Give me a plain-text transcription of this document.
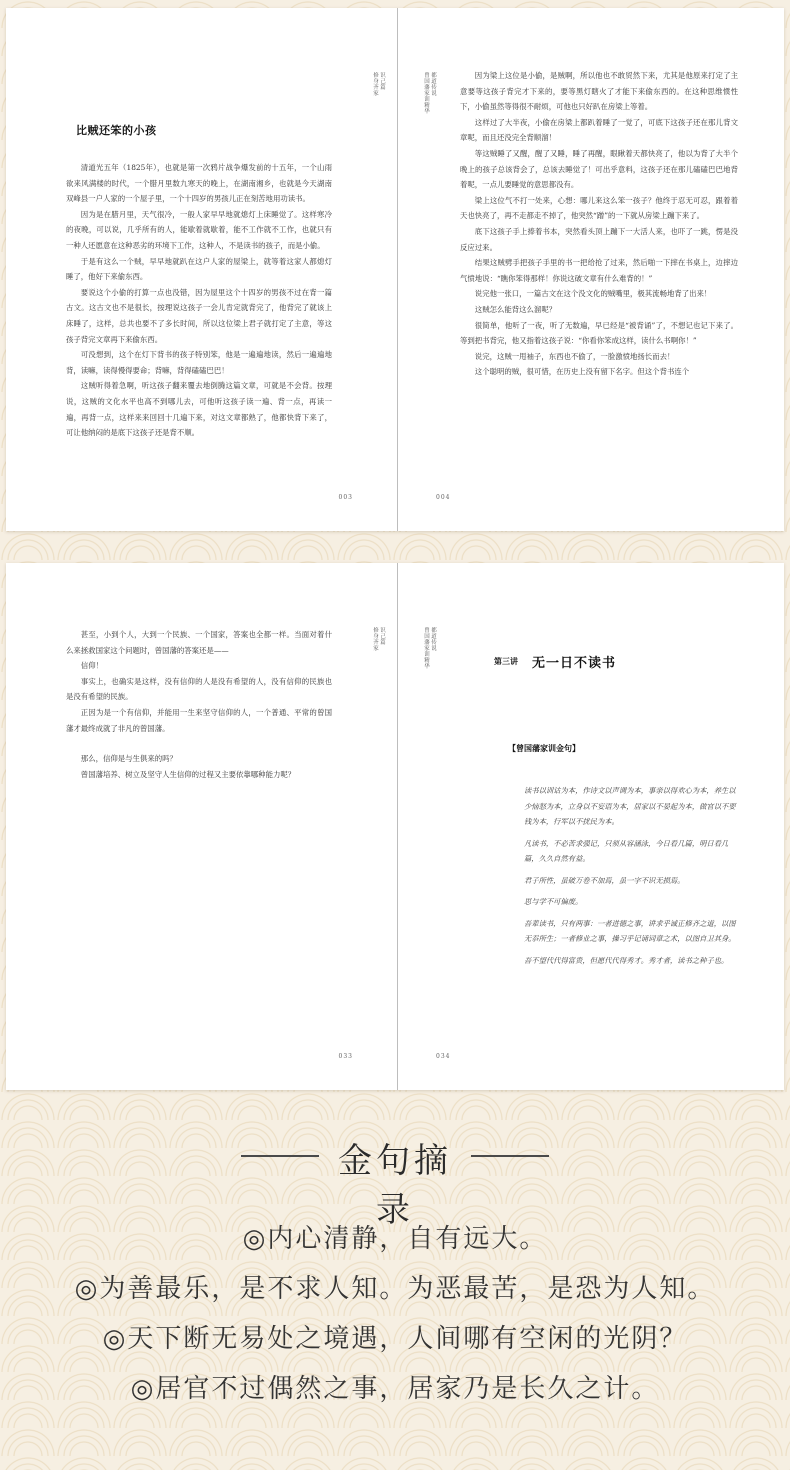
识己篇
修身齐家
比贼还笨的小孩

清道光五年（1825年），也就是第一次鸦片战争爆发前的十五年，一个山雨欲来风满楼的时代，一个腊月里数九寒天的晚上，在湖南湘乡，也就是今天湖南双峰县一户人家的一个屋子里，一个十四岁的男孩儿正在刻苦地用功读书。

因为是在腊月里，天气很冷，一般人家早早地就熄灯上床睡觉了。这样寒冷的夜晚，可以说，几乎所有的人，能歇着就歇着，能不工作就不工作，也就只有一种人还愿意在这种恶劣的环境下工作，这种人，不是读书的孩子，而是小偷。

于是有这么一个贼，早早地就趴在这户人家的屋梁上，就等着这家人都熄灯睡了，他好下来偷东西。

要说这个小偷的打算一点也没错，因为屋里这个十四岁的男孩不过在背一篇古文。这古文也不是很长，按理说这孩子一会儿肯定就背完了，他背完了就该上床睡了，这样，总共也要不了多长时间，所以这位梁上君子就打定了主意，等这孩子背完文章再下来偷东西。

可没想到，这个在灯下背书的孩子特别笨，他是一遍遍地读，然后一遍遍地背，读嘛，读得慢得要命；背嘛，背得磕磕巴巴！

这贼听得着急啊，听这孩子翻来覆去地倒腾这篇文章，可就是不会背。按理说，这贼的文化水平也高不到哪儿去，可他听这孩子读一遍、背一点，再读一遍，再背一点，这样来来回回十几遍下来，对这文章都熟了，他都快背下来了，可让他纳闷的是底下这孩子还是背不顺。

003
都道传说
曾国藩家训精华	因为梁上这位是小偷，是贼啊，所以他也不敢贸然下来，尤其是他原来打定了主意要等这孩子背完才下来的，要等黑灯瞎火了才能下来偷东西的。在这种思维惯性下，小偷虽然等得很不耐烦，可他也只好趴在房梁上等着。

这样过了大半夜，小偷在房梁上都趴着睡了一觉了，可底下这孩子还在那儿背文章呢，而且还没完全背顺溜！

等这贼睡了又醒，醒了又睡，睡了再醒，眼瞅着天都快亮了，他以为背了大半个晚上的孩子总该背会了，总该去睡觉了！可出乎意料，这孩子还在那儿磕磕巴巴地背着呢，一点儿要睡觉的意思都没有。

梁上这位气不打一处来，心想：哪儿来这么笨一孩子？他终于忍无可忍，跟着着天也快亮了，再不走都走不掉了，他突然“蹭”的一下就从房梁上蹦下来了。

底下这孩子手上捧着书本，突然看头顶上蹦下一大活人来，也吓了一跳，愣是没反应过来。

结果这贼劈手把孩子手里的书一把给抢了过来，然后啪一下摔在书桌上，边摔边气愤地说：“瞧你笨得那样！你说这破文章有什么难背的！”

说完他一张口，一篇古文在这个没文化的贼嘴里，极其流畅地背了出来！

这贼怎么能背这么溜呢？

很简单，他听了一夜，听了无数遍，早已经是“被背诵”了，不想记也记下来了。等到把书背完，他又指着这孩子说：“你看你笨成这样，读什么书啊你！”

说完，这贼一甩袖子，东西也不偷了，一脸激愤地扬长而去！

这个聪明的贼，很可惜，在历史上没有留下名字。但这个背书连个

004
识己篇
修身齐家

甚至，小到个人，大到一个民族、一个国家，答案也全都一样。当面对着什么来拯救国家这个问题时，曾国藩的答案还是——

信仰！

事实上，也确实是这样，没有信仰的人是没有希望的人，没有信仰的民族也是没有希望的民族。

正因为是一个有信仰，并能用一生来坚守信仰的人，一个普通、平常的曾国藩才最终成就了非凡的曾国藩。

那么，信仰是与生俱来的吗？

曾国藩培养、树立及坚守人生信仰的过程又主要依靠哪种能力呢？

033
都道传说
曾国藩家训精华	第三讲 无一日不读书
【曾国藩家训金句】

读书以训诂为本，作诗文以声调为本，事亲以得欢心为本，养生以少恼怒为本，立身以不妄语为本，居家以不晏起为本，做官以不要钱为本，行军以不扰民为本。

凡读书，不必苦求强记，只须从容涵泳，今日看几篇，明日看几篇，久久自然有益。

君子所性，虽破万卷不加焉，虽一字不识无损焉。

思与学不可偏废。

吾辈读书，只有两事：一者进德之事，讲求乎诚正修齐之道，以图无忝所生；一者修业之事，操习乎记诵词章之术，以图自卫其身。

吾不望代代得富贵，但愿代代得秀才。秀才者，读书之种子也。

034
金句摘录
◎内心清静，自有远大。
◎为善最乐，是不求人知。为恶最苦，是恐为人知。
◎天下断无易处之境遇，人间哪有空闲的光阴？
◎居官不过偶然之事，居家乃是长久之计。
